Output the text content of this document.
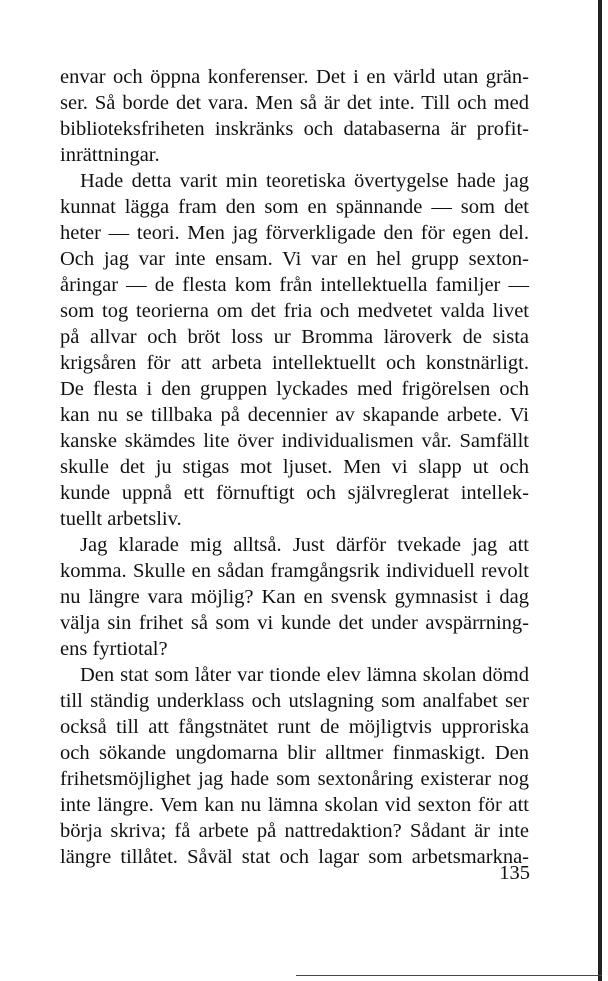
envar och öppna konferenser. Det i en värld utan grän-
ser. Så borde det vara. Men så är det inte. Till och med
biblioteksfriheten inskränks och databaserna är profit-
inrättningar.
Hade detta varit min teoretiska övertygelse hade jag
kunnat lägga fram den som en spännande — som det
heter — teori. Men jag förverkligade den för egen del.
Och jag var inte ensam. Vi var en hel grupp sexton-
åringar — de flesta kom från intellektuella familjer —
som tog teorierna om det fria och medvetet valda livet
på allvar och bröt loss ur Bromma läroverk de sista
krigsåren för att arbeta intellektuellt och konstnärligt.
De flesta i den gruppen lyckades med frigörelsen och
kan nu se tillbaka på decennier av skapande arbete. Vi
kanske skämdes lite över individualismen vår. Samfällt
skulle det ju stigas mot ljuset. Men vi slapp ut och
kunde uppnå ett förnuftigt och självreglerat intellek-
tuellt arbetsliv.
Jag klarade mig alltså. Just därför tvekade jag att
komma. Skulle en sådan framgångsrik individuell revolt
nu längre vara möjlig? Kan en svensk gymnasist i dag
välja sin frihet så som vi kunde det under avspärrning-
ens fyrtiotal?
Den stat som låter var tionde elev lämna skolan dömd
till ständig underklass och utslagning som analfabet ser
också till att fångstnätet runt de möjligtvis upproriska
och sökande ungdomarna blir alltmer finmaskigt. Den
frihetsmöjlighet jag hade som sextonåring existerar nog
inte längre. Vem kan nu lämna skolan vid sexton för att
börja skriva; få arbete på nattredaktion? Sådant är inte
längre tillåtet. Såväl stat och lagar som arbetsmarkna-
135
